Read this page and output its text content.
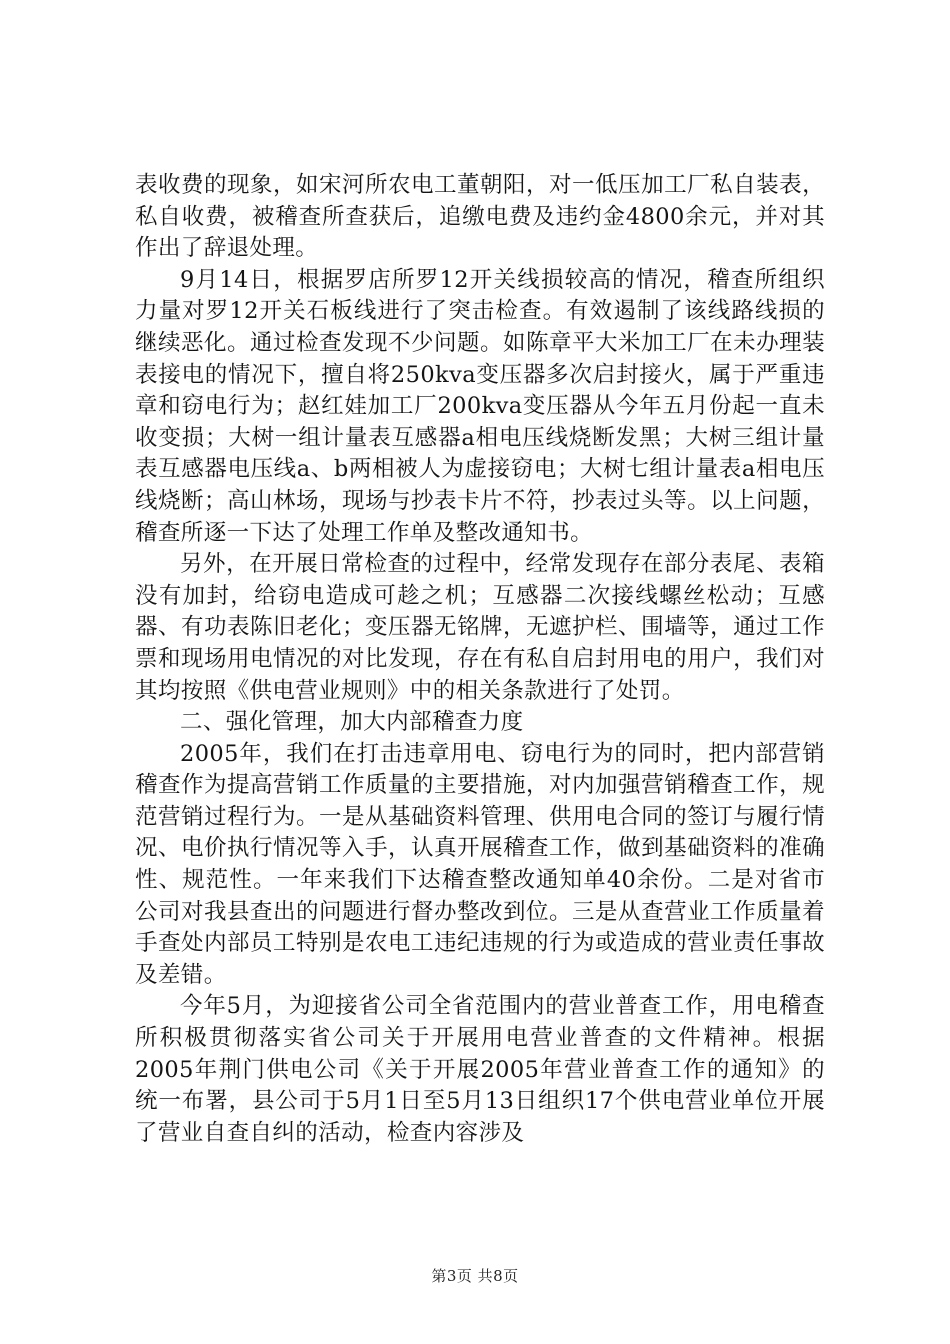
表收费的现象，如宋河所农电工董朝阳，对一低压加工厂私自装表，私自收费，被稽查所查获后，追缴电费及违约金4800余元，并对其作出了辞退处理。

9月14日，根据罗店所罗12开关线损较高的情况，稽查所组织力量对罗12开关石板线进行了突击检查。有效遏制了该线路线损的继续恶化。通过检查发现不少问题。如陈章平大米加工厂在未办理装表接电的情况下，擅自将250kva变压器多次启封接火，属于严重违章和窃电行为；赵红娃加工厂200kva变压器从今年五月份起一直未收变损；大树一组计量表互感器a相电压线烧断发黑；大树三组计量表互感器电压线a、b两相被人为虚接窃电；大树七组计量表a相电压线烧断；高山林场，现场与抄表卡片不符，抄表过头等。以上问题，稽查所逐一下达了处理工作单及整改通知书。

另外，在开展日常检查的过程中，经常发现存在部分表尾、表箱没有加封，给窃电造成可趁之机；互感器二次接线螺丝松动；互感器、有功表陈旧老化；变压器无铭牌，无遮护栏、围墙等，通过工作票和现场用电情况的对比发现，存在有私自启封用电的用户，我们对其均按照《供电营业规则》中的相关条款进行了处罚。

二、强化管理，加大内部稽查力度

2005年，我们在打击违章用电、窃电行为的同时，把内部营销稽查作为提高营销工作质量的主要措施，对内加强营销稽查工作，规范营销过程行为。一是从基础资料管理、供用电合同的签订与履行情况、电价执行情况等入手，认真开展稽查工作，做到基础资料的准确性、规范性。一年来我们下达稽查整改通知单40余份。二是对省市公司对我县查出的问题进行督办整改到位。三是从查营业工作质量着手查处内部员工特别是农电工违纪违规的行为或造成的营业责任事故及差错。

今年5月，为迎接省公司全省范围内的营业普查工作，用电稽查所积极贯彻落实省公司关于开展用电营业普查的文件精神。根据2005年荆门供电公司《关于开展2005年营业普查工作的通知》的统一布署，县公司于5月1日至5月13日组织17个供电营业单位开展了营业自查自纠的活动，检查内容涉及

第3页 共8页
